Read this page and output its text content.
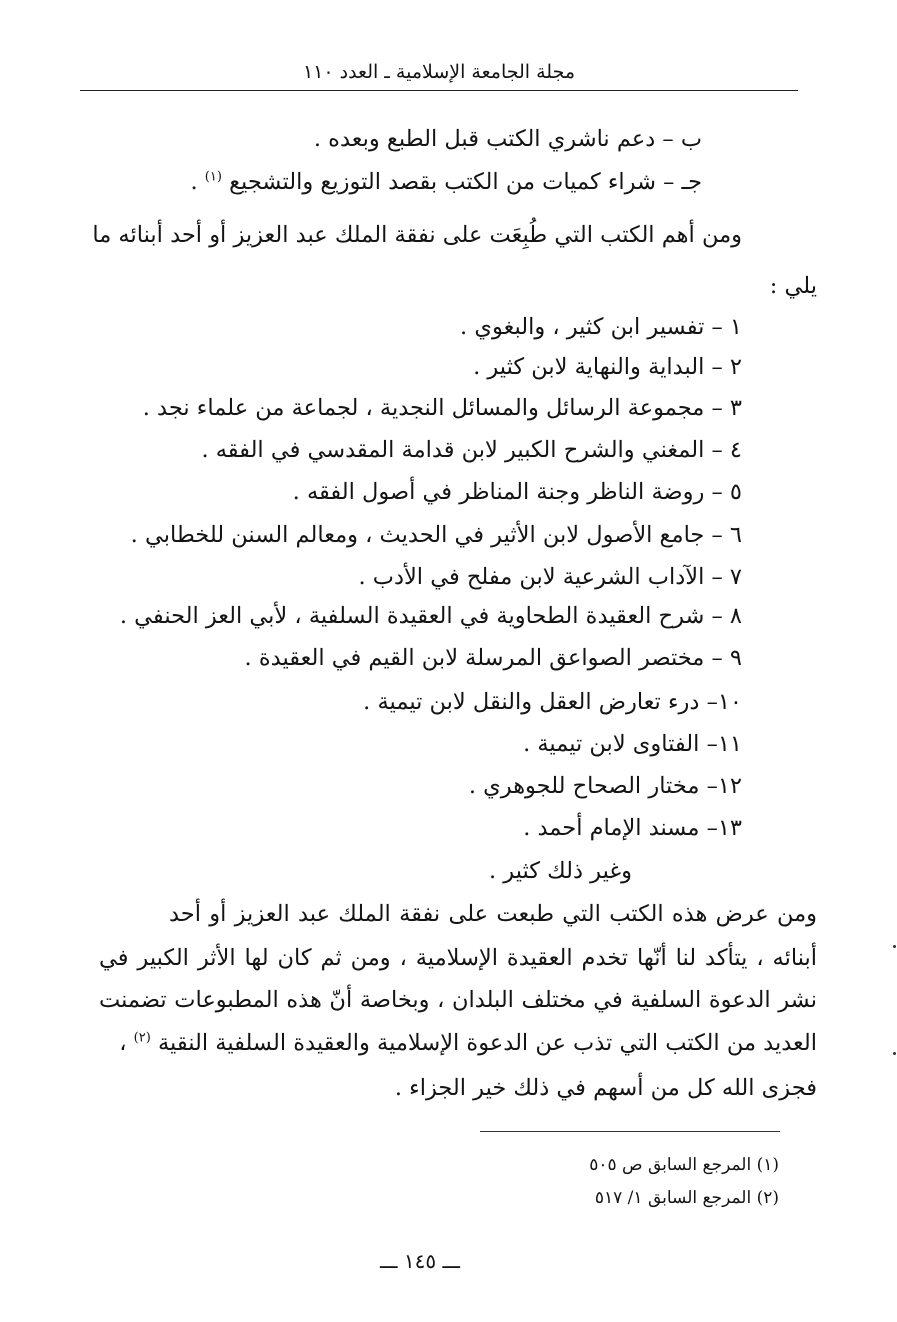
مجلة الجامعة الإسلامية ـ العدد ١١٠
ب – دعم ناشري الكتب قبل الطبع وبعده .
جـ – شراء كميات من الكتب بقصد التوزيع والتشجيع $^{(١)}$ .
ومن أهم الكتب التي طُبِعَت على نفقة الملك عبد العزيز أو أحد أبنائه ما
يلي :
١ – تفسير ابن كثير ، والبغوي .
٢ – البداية والنهاية لابن كثير .
٣ – مجموعة الرسائل والمسائل النجدية ، لجماعة من علماء نجد .
٤ – المغني والشرح الكبير لابن قدامة المقدسي في الفقه .
٥ – روضة الناظر وجنة المناظر في أصول الفقه .
٦ – جامع الأصول لابن الأثير في الحديث ، ومعالم السنن للخطابي .
٧ – الآداب الشرعية لابن مفلح في الأدب .
٨ – شرح العقيدة الطحاوية في العقيدة السلفية ، لأبي العز الحنفي .
٩ – مختصر الصواعق المرسلة لابن القيم في العقيدة .
١٠– درء تعارض العقل والنقل لابن تيمية .
١١– الفتاوى لابن تيمية .
١٢– مختار الصحاح للجوهري .
١٣– مسند الإمام أحمد .
وغير ذلك كثير .
ومن عرض هذه الكتب التي طبعت على نفقة الملك عبد العزيز أو أحد
أبنائه ، يتأكد لنا أنّها تخدم العقيدة الإسلامية ، ومن ثم كان لها الأثر الكبير في
نشر الدعوة السلفية في مختلف البلدان ، وبخاصة أنّ هذه المطبوعات تضمنت
العديد من الكتب التي تذب عن الدعوة الإسلامية والعقيدة السلفية النقية $^{(٢)}$ ،
فجزى الله كل من أسهم في ذلك خير الجزاء .
(١) المرجع السابق ص ٥٠٥
(٢) المرجع السابق ١/ ٥١٧
ـــ ١٤٥ ـــ
